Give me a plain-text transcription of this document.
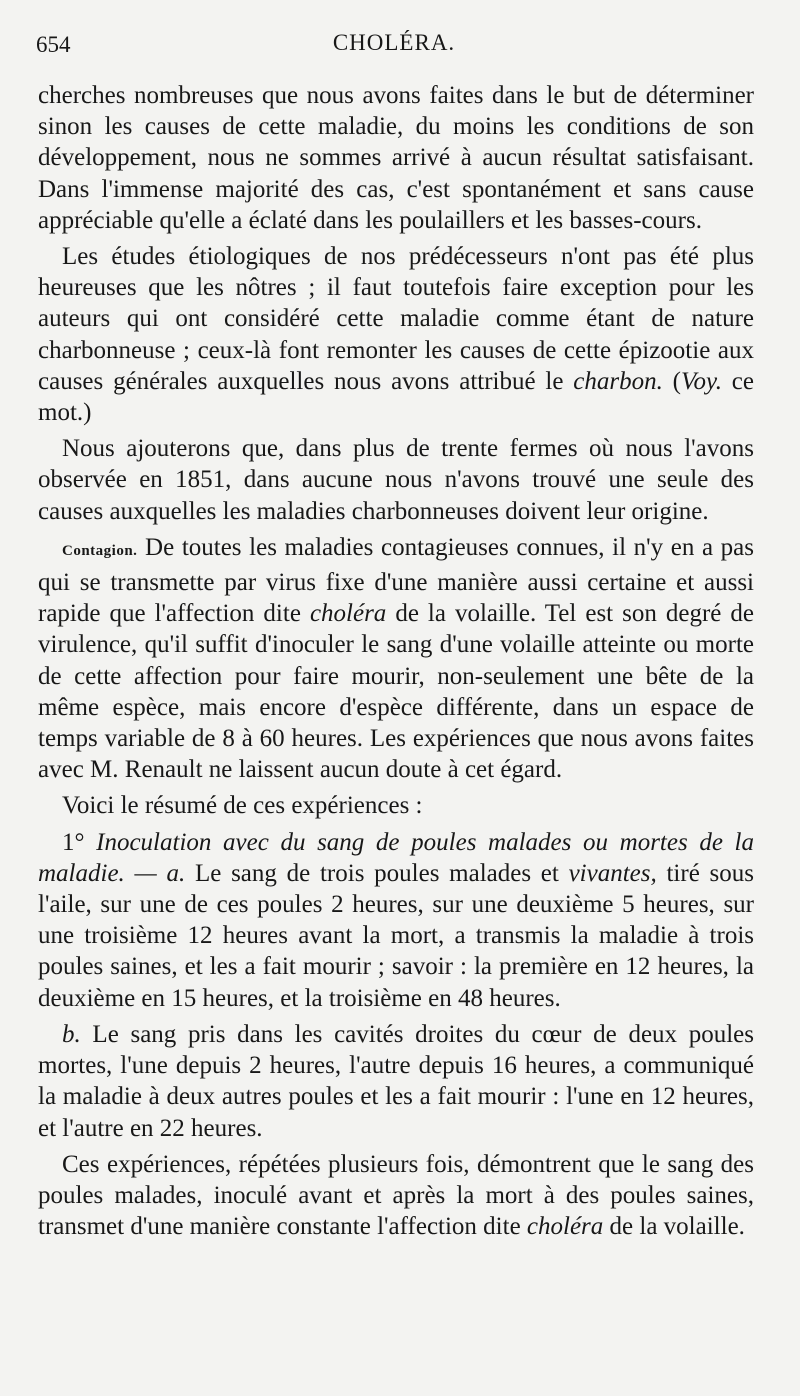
654	CHOLÉRA.

cherches nombreuses que nous avons faites dans le but de déterminer sinon les causes de cette maladie, du moins les conditions de son développement, nous ne sommes arrivé à aucun résultat satisfaisant. Dans l'immense majorité des cas, c'est spontanément et sans cause appréciable qu'elle a éclaté dans les poulaillers et les basses-cours.

Les études étiologiques de nos prédécesseurs n'ont pas été plus heureuses que les nôtres ; il faut toutefois faire exception pour les auteurs qui ont considéré cette maladie comme étant de nature charbonneuse ; ceux-là font remonter les causes de cette épizootie aux causes générales auxquelles nous avons attribué le charbon. (Voy. ce mot.)

Nous ajouterons que, dans plus de trente fermes où nous l'avons observée en 1851, dans aucune nous n'avons trouvé une seule des causes auxquelles les maladies charbonneuses doivent leur origine.

Contagion. De toutes les maladies contagieuses connues, il n'y en a pas qui se transmette par virus fixe d'une manière aussi certaine et aussi rapide que l'affection dite choléra de la volaille. Tel est son degré de virulence, qu'il suffit d'inoculer le sang d'une volaille atteinte ou morte de cette affection pour faire mourir, non-seulement une bête de la même espèce, mais encore d'espèce différente, dans un espace de temps variable de 8 à 60 heures. Les expériences que nous avons faites avec M. Renault ne laissent aucun doute à cet égard.

Voici le résumé de ces expériences :

1° Inoculation avec du sang de poules malades ou mortes de la maladie. — a. Le sang de trois poules malades et vivantes, tiré sous l'aile, sur une de ces poules 2 heures, sur une deuxième 5 heures, sur une troisième 12 heures avant la mort, a transmis la maladie à trois poules saines, et les a fait mourir ; savoir : la première en 12 heures, la deuxième en 15 heures, et la troisième en 48 heures.

b. Le sang pris dans les cavités droites du cœur de deux poules mortes, l'une depuis 2 heures, l'autre depuis 16 heures, a communiqué la maladie à deux autres poules et les a fait mourir : l'une en 12 heures, et l'autre en 22 heures.

Ces expériences, répétées plusieurs fois, démontrent que le sang des poules malades, inoculé avant et après la mort à des poules saines, transmet d'une manière constante l'affection dite choléra de la volaille.
